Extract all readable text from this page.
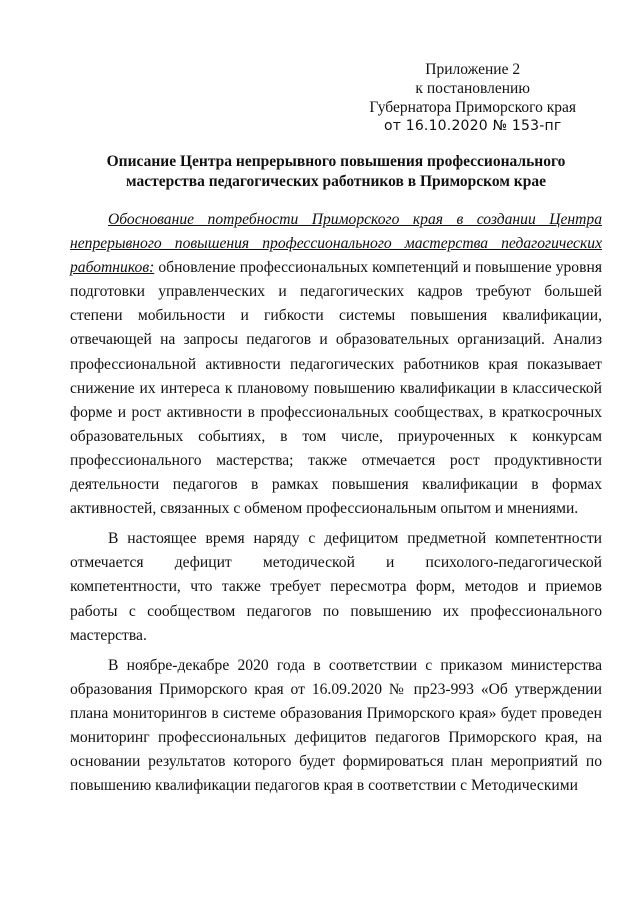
Приложение 2
к постановлению
Губернатора Приморского края
от 16.10.2020 № 153-пг
Описание Центра непрерывного повышения профессионального
мастерства педагогических работников в Приморском крае

Обоснование потребности Приморского края в создании Центра непрерывного повышения профессионального мастерства педагогических работников: обновление профессиональных компетенций и повышение уровня подготовки управленческих и педагогических кадров требуют большей степени мобильности и гибкости системы повышения квалификации, отвечающей на запросы педагогов и образовательных организаций. Анализ профессиональной активности педагогических работников края показывает снижение их интереса к плановому повышению квалификации в классической форме и рост активности в профессиональных сообществах, в краткосрочных образовательных событиях, в том числе, приуроченных к конкурсам профессионального мастерства; также отмечается рост продуктивности деятельности педагогов в рамках повышения квалификации в формах активностей, связанных с обменом профессиональным опытом и мнениями.

В настоящее время наряду с дефицитом предметной компетентности отмечается дефицит методической и психолого-педагогической компетентности, что также требует пересмотра форм, методов и приемов работы с сообществом педагогов по повышению их профессионального мастерства.

В ноябре-декабре 2020 года в соответствии с приказом министерства образования Приморского края от 16.09.2020 № пр23-993 «Об утверждении плана мониторингов в системе образования Приморского края» будет проведен мониторинг профессиональных дефицитов педагогов Приморского края, на основании результатов которого будет формироваться план мероприятий по повышению квалификации педагогов края в соответствии с Методическими
